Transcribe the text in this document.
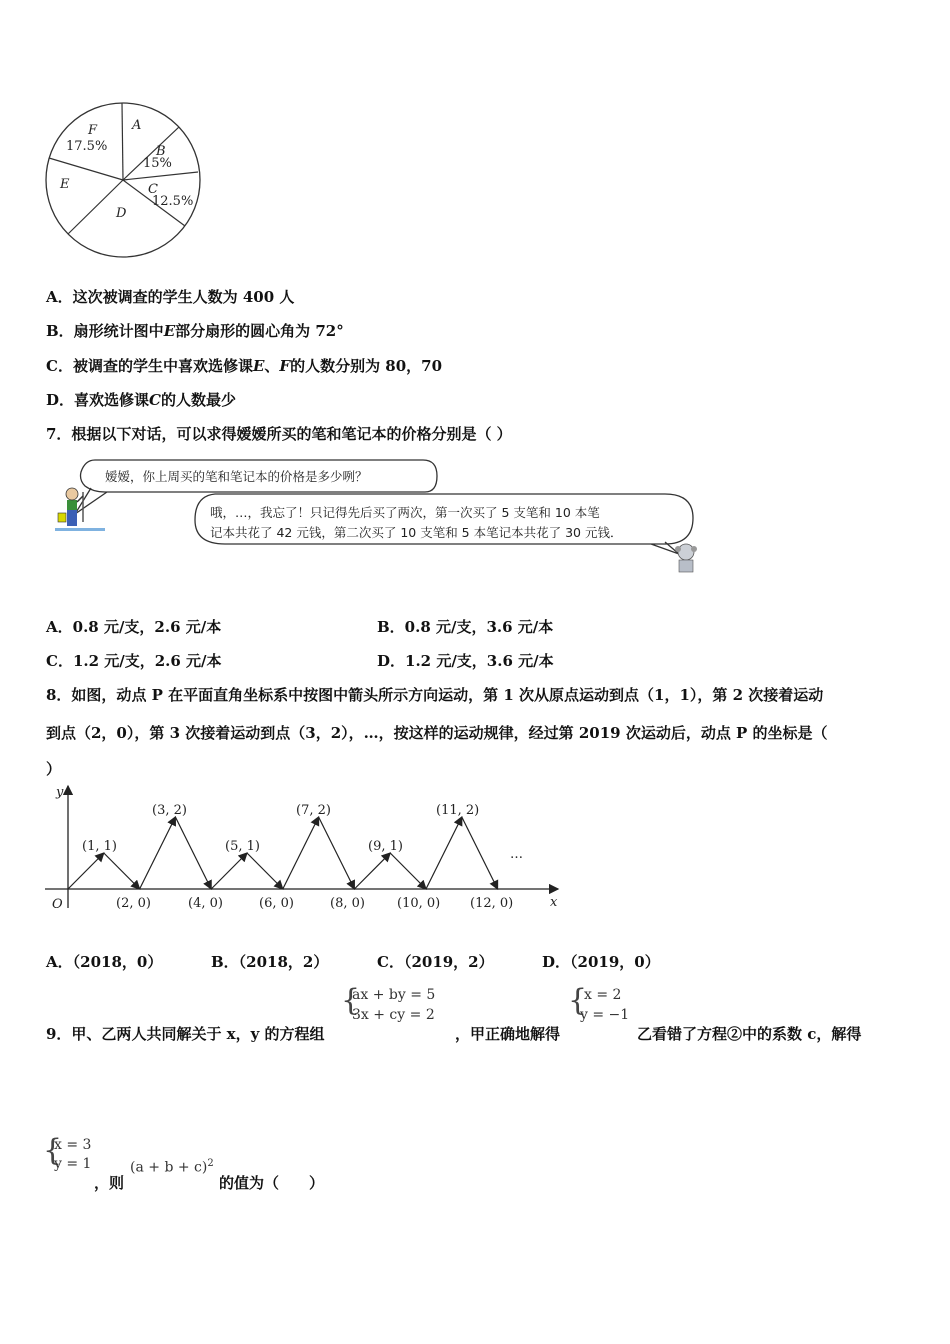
F
17.5%
A
B
15%
C
12.5%
D
E
A．这次被调查的学生人数为 400 人
B．扇形统计图中E部分扇形的圆心角为 72°
C．被调查的学生中喜欢选修课E、F的人数分别为 80，70
D．喜欢选修课C的人数最少
7．根据以下对话，可以求得嫒嫒所买的笔和笔记本的价格分别是（ ）
嫒嫒，你上周买的笔和笔记本的价格是多少咧？
哦，…，我忘了！只记得先后买了两次，第一次买了 5 支笔和 10 本笔
记本共花了 42 元钱，第二次买了 10 支笔和 5 本笔记本共花了 30 元钱．
A．0.8 元/支，2.6 元/本	B．0.8 元/支，3.6 元/本
C．1.2 元/支，2.6 元/本	D．1.2 元/支，3.6 元/本
8．如图，动点 P 在平面直角坐标系中按图中箭头所示方向运动，第 1 次从原点运动到点（1，1），第 2 次接着运动
到点（2，0），第 3 次接着运动到点（3，2），…，按这样的运动规律，经过第 2019 次运动后，动点 P 的坐标是（
）
x
y
O
(1, 1)
(3, 2)
(5, 1)
(7, 2)
(9, 1)
(11, 2)
(2, 0)	(4, 0)	(6, 0)	(8, 0) (10, 0) (12, 0)
…
A．（2018，0）	B．（2018，2）	C．（2019，2）	D．（2019，0）
9．甲、乙两人共同解关于 x，y 的方程组
{
ax + by = 5
3x + cy = 2
，甲正确地解得
{
x = 2
y = −1
乙看错了方程②中的系数 c，解得
{
x = 3
y = 1
，则
$(a + b + c)^2$
的值为（　　）
